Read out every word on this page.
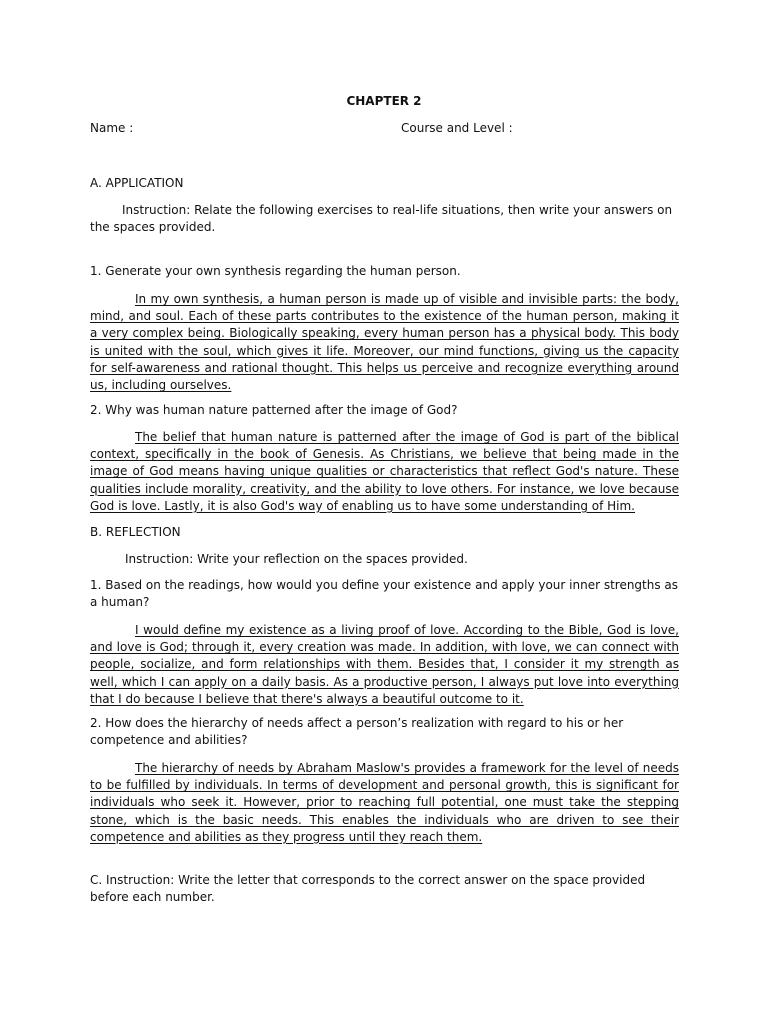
CHAPTER 2
Name :	Course and Level :
A. APPLICATION
Instruction: Relate the following exercises to real-life situations, then write your answers on the spaces provided.
1. Generate your own synthesis regarding the human person.
In my own synthesis, a human person is made up of visible and invisible parts: the body, mind, and soul. Each of these parts contributes to the existence of the human person, making it a very complex being. Biologically speaking, every human person has a physical body. This body is united with the soul, which gives it life. Moreover, our mind functions, giving us the capacity for self-awareness and rational thought. This helps us perceive and recognize everything around us, including ourselves.
2. Why was human nature patterned after the image of God?
The belief that human nature is patterned after the image of God is part of the biblical context, specifically in the book of Genesis. As Christians, we believe that being made in the image of God means having unique qualities or characteristics that reflect God's nature. These qualities include morality, creativity, and the ability to love others. For instance, we love because God is love. Lastly, it is also God's way of enabling us to have some understanding of Him.
B. REFLECTION
Instruction: Write your reflection on the spaces provided.
1. Based on the readings, how would you define your existence and apply your inner strengths as a human?
I would define my existence as a living proof of love. According to the Bible, God is love, and love is God; through it, every creation was made. In addition, with love, we can connect with people, socialize, and form relationships with them. Besides that, I consider it my strength as well, which I can apply on a daily basis. As a productive person, I always put love into everything that I do because I believe that there's always a beautiful outcome to it.
2. How does the hierarchy of needs affect a person’s realization with regard to his or her competence and abilities?
The hierarchy of needs by Abraham Maslow's provides a framework for the level of needs to be fulfilled by individuals. In terms of development and personal growth, this is significant for individuals who seek it. However, prior to reaching full potential, one must take the stepping stone, which is the basic needs. This enables the individuals who are driven to see their competence and abilities as they progress until they reach them.
C. Instruction: Write the letter that corresponds to the correct answer on the space provided before each number.
